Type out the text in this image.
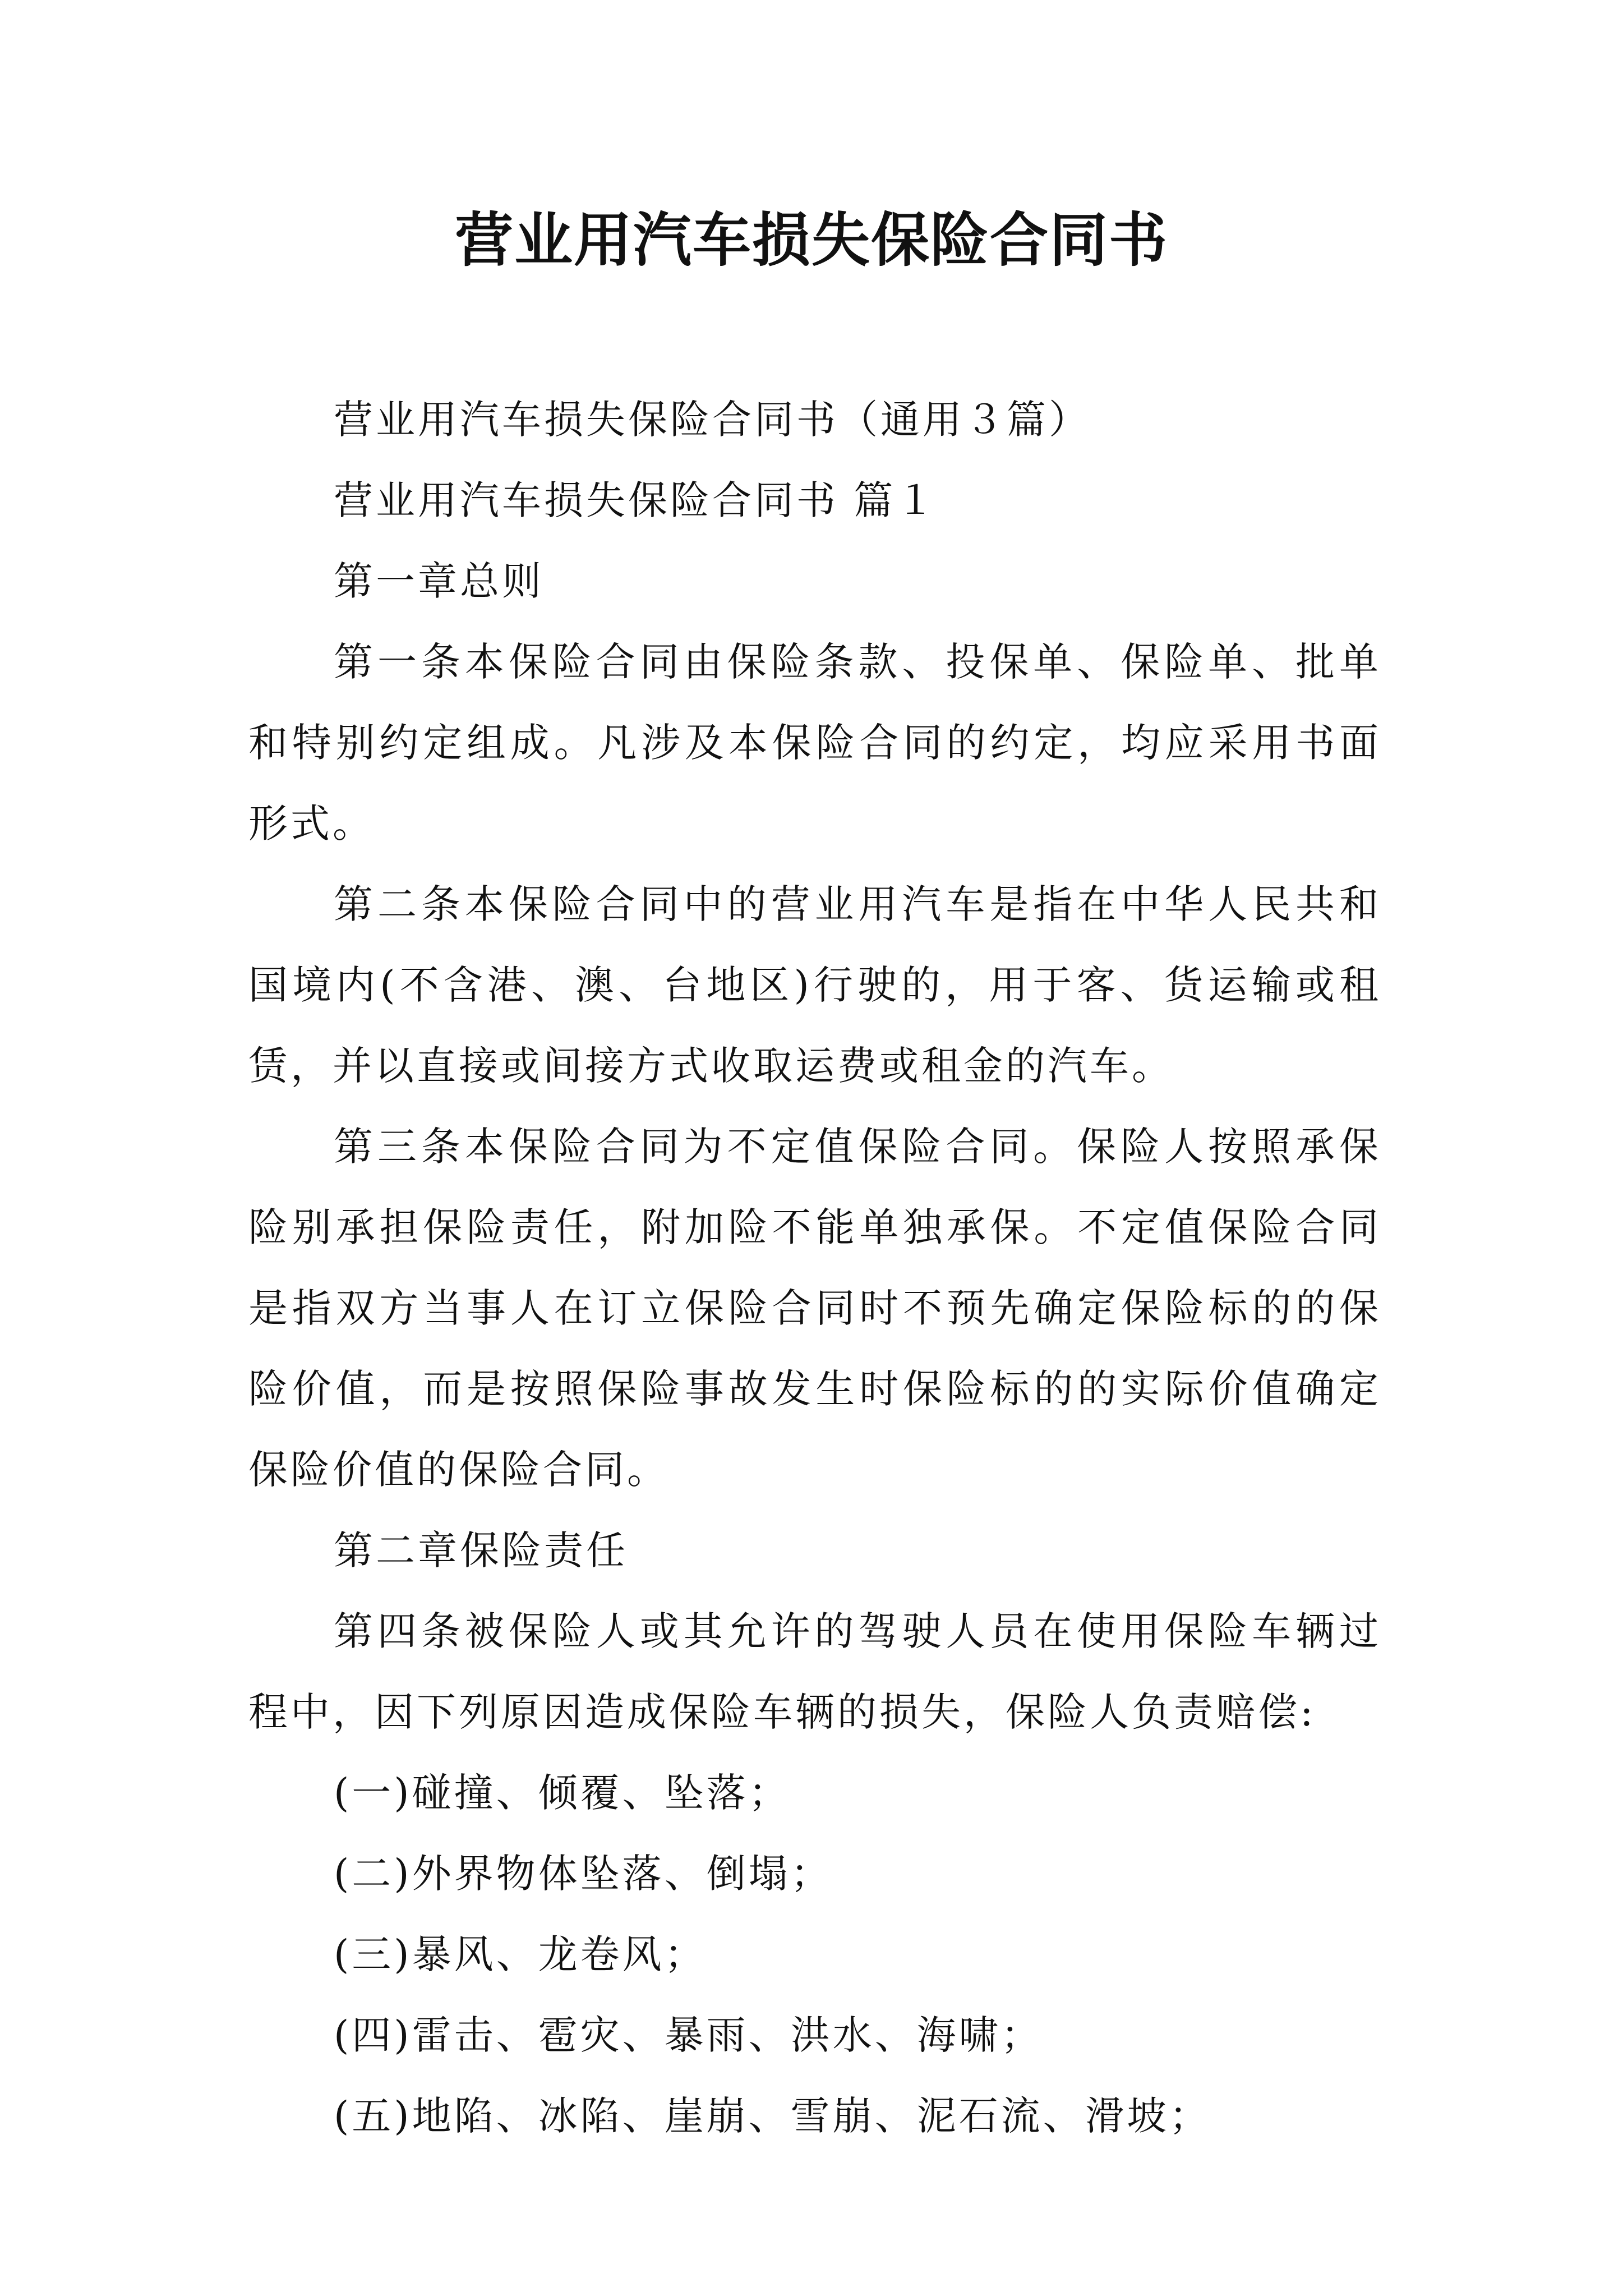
营业用汽车损失保险合同书

营业用汽车损失保险合同书（通用３篇）

营业用汽车损失保险合同书 篇１

第一章总则

第一条本保险合同由保险条款、投保单、保险单、批单和特别约定组成。凡涉及本保险合同的约定，均应采用书面形式。

第二条本保险合同中的营业用汽车是指在中华人民共和国境内(不含港、澳、台地区)行驶的，用于客、货运输或租赁，并以直接或间接方式收取运费或租金的汽车。

第三条本保险合同为不定值保险合同。保险人按照承保险别承担保险责任，附加险不能单独承保。不定值保险合同是指双方当事人在订立保险合同时不预先确定保险标的的保险价值，而是按照保险事故发生时保险标的的实际价值确定保险价值的保险合同。

第二章保险责任

第四条被保险人或其允许的驾驶人员在使用保险车辆过程中，因下列原因造成保险车辆的损失，保险人负责赔偿:

(一)碰撞、倾覆、坠落；

(二)外界物体坠落、倒塌；

(三)暴风、龙卷风；

(四)雷击、雹灾、暴雨、洪水、海啸；

(五)地陷、冰陷、崖崩、雪崩、泥石流、滑坡；
